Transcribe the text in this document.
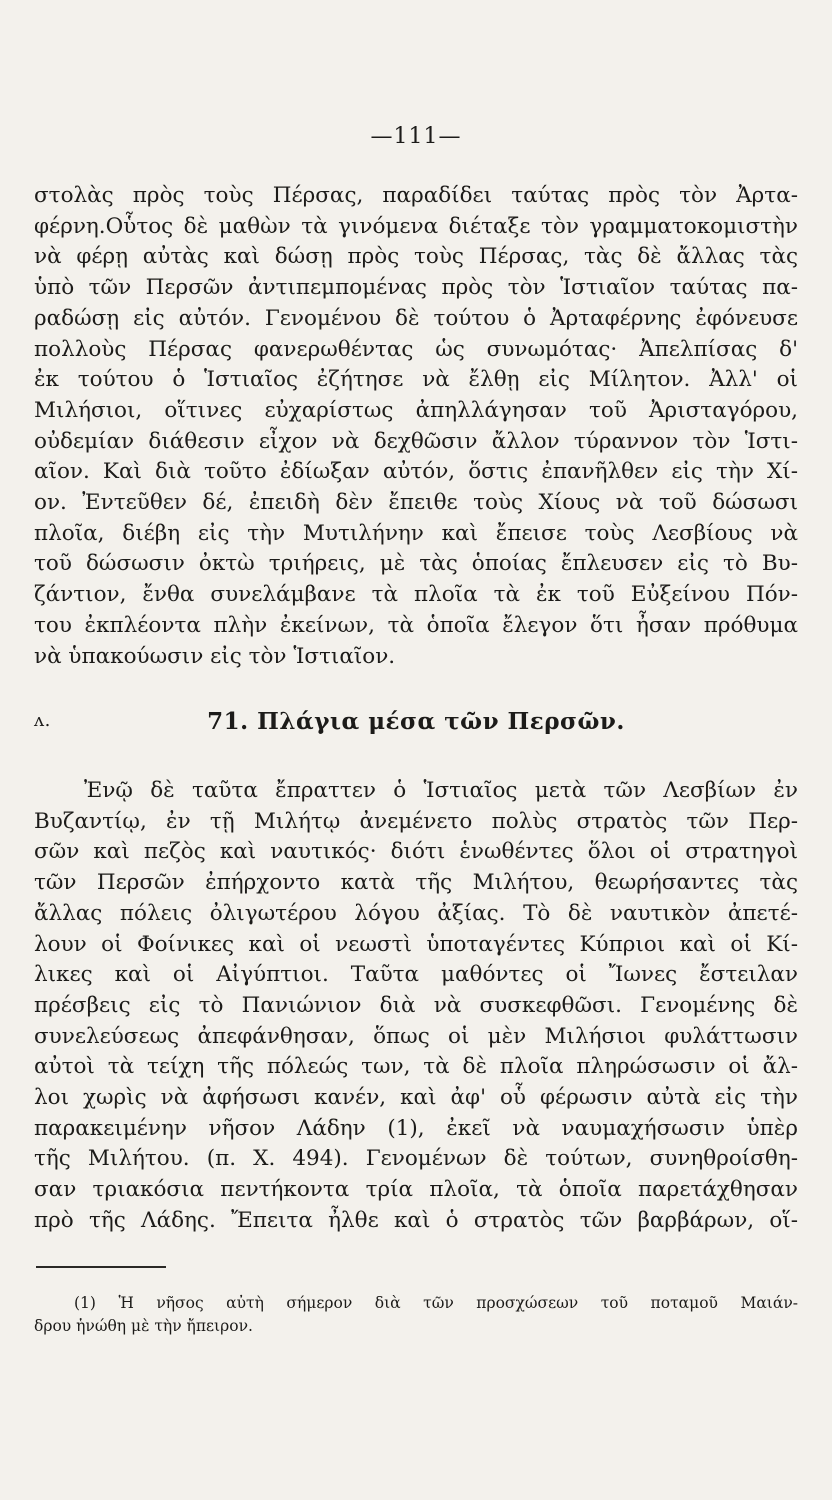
—111—
στολὰς πρὸς τοὺς Πέρσας, παραδίδει ταύτας πρὸς τὸν Ἀρτα-
φέρνη.Οὗτος δὲ μαθὼν τὰ γινόμενα διέταξε τὸν γραμματοκομιστὴν
νὰ φέρῃ αὐτὰς καὶ δώσῃ πρὸς τοὺς Πέρσας, τὰς δὲ ἄλλας τὰς
ὑπὸ τῶν Περσῶν ἀντιπεμπομένας πρὸς τὸν Ἱστιαῖον ταύτας πα-
ραδώσῃ εἰς αὐτόν. Γενομένου δὲ τούτου ὁ Ἀρταφέρνης ἐφόνευσε
πολλοὺς Πέρσας φανερωθέντας ὡς συνωμότας· Ἀπελπίσας δ'
ἐκ τούτου ὁ Ἱστιαῖος ἐζήτησε νὰ ἔλθῃ εἰς Μίλητον. Ἀλλ' οἱ
Μιλήσιοι, οἵτινες εὐχαρίστως ἀπηλλάγησαν τοῦ Ἀρισταγόρου,
οὐδεμίαν διάθεσιν εἶχον νὰ δεχθῶσιν ἄλλον τύραννον τὸν Ἱστι-
αῖον. Καὶ διὰ τοῦτο ἐδίωξαν αὐτόν, ὅστις ἐπανῆλθεν εἰς τὴν Χί-
ον. Ἐντεῦθεν δέ, ἐπειδὴ δὲν ἔπειθε τοὺς Χίους νὰ τοῦ δώσωσι
πλοῖα, διέβη εἰς τὴν Μυτιλήνην καὶ ἔπεισε τοὺς Λεσβίους νὰ
τοῦ δώσωσιν ὀκτὼ τριήρεις, μὲ τὰς ὁποίας ἔπλευσεν εἰς τὸ Βυ-
ζάντιον, ἔνθα συνελάμβανε τὰ πλοῖα τὰ ἐκ τοῦ Εὐξείνου Πόν-
του ἐκπλέοντα πλὴν ἐκείνων, τὰ ὁποῖα ἔλεγον ὅτι ἦσαν πρόθυμα
νὰ ὑπακούωσιν εἰς τὸν Ἱστιαῖον.
ʌ.	71. Πλάγια μέσα τῶν Περσῶν.
Ἐνῷ δὲ ταῦτα ἔπραττεν ὁ Ἱστιαῖος μετὰ τῶν Λεσβίων ἐν
Βυζαντίῳ, ἐν τῇ Μιλήτῳ ἀνεμένετο πολὺς στρατὸς τῶν Περ-
σῶν καὶ πεζὸς καὶ ναυτικός· διότι ἑνωθέντες ὅλοι οἱ στρατηγοὶ
τῶν Περσῶν ἐπήρχοντο κατὰ τῆς Μιλήτου, θεωρήσαντες τὰς
ἄλλας πόλεις ὀλιγωτέρου λόγου ἀξίας. Τὸ δὲ ναυτικὸν ἀπετέ-
λουν οἱ Φοίνικες καὶ οἱ νεωστὶ ὑποταγέντες Κύπριοι καὶ οἱ Κί-
λικες καὶ οἱ Αἰγύπτιοι. Ταῦτα μαθόντες οἱ Ἴωνες ἔστειλαν
πρέσβεις εἰς τὸ Πανιώνιον διὰ νὰ συσκεφθῶσι. Γενομένης δὲ
συνελεύσεως ἀπεφάνθησαν, ὅπως οἱ μὲν Μιλήσιοι φυλάττωσιν
αὐτοὶ τὰ τείχη τῆς πόλεώς των, τὰ δὲ πλοῖα πληρώσωσιν οἱ ἄλ-
λοι χωρὶς νὰ ἀφήσωσι κανέν, καὶ ἀφ' οὗ φέρωσιν αὐτὰ εἰς τὴν
παρακειμένην νῆσον Λάδην (1), ἐκεῖ νὰ ναυμαχήσωσιν ὑπὲρ
τῆς Μιλήτου. (π. Χ. 494). Γενομένων δὲ τούτων, συνηθροίσθη-
σαν τριακόσια πεντήκοντα τρία πλοῖα, τὰ ὁποῖα παρετάχθησαν
πρὸ τῆς Λάδης. Ἔπειτα ἦλθε καὶ ὁ στρατὸς τῶν βαρβάρων, οἵ-
(1) Ἡ νῆσος αὐτὴ σήμερον διὰ τῶν προσχώσεων τοῦ ποταμοῦ Μαιάν-
δρου ἡνώθη μὲ τὴν ἤπειρον.
